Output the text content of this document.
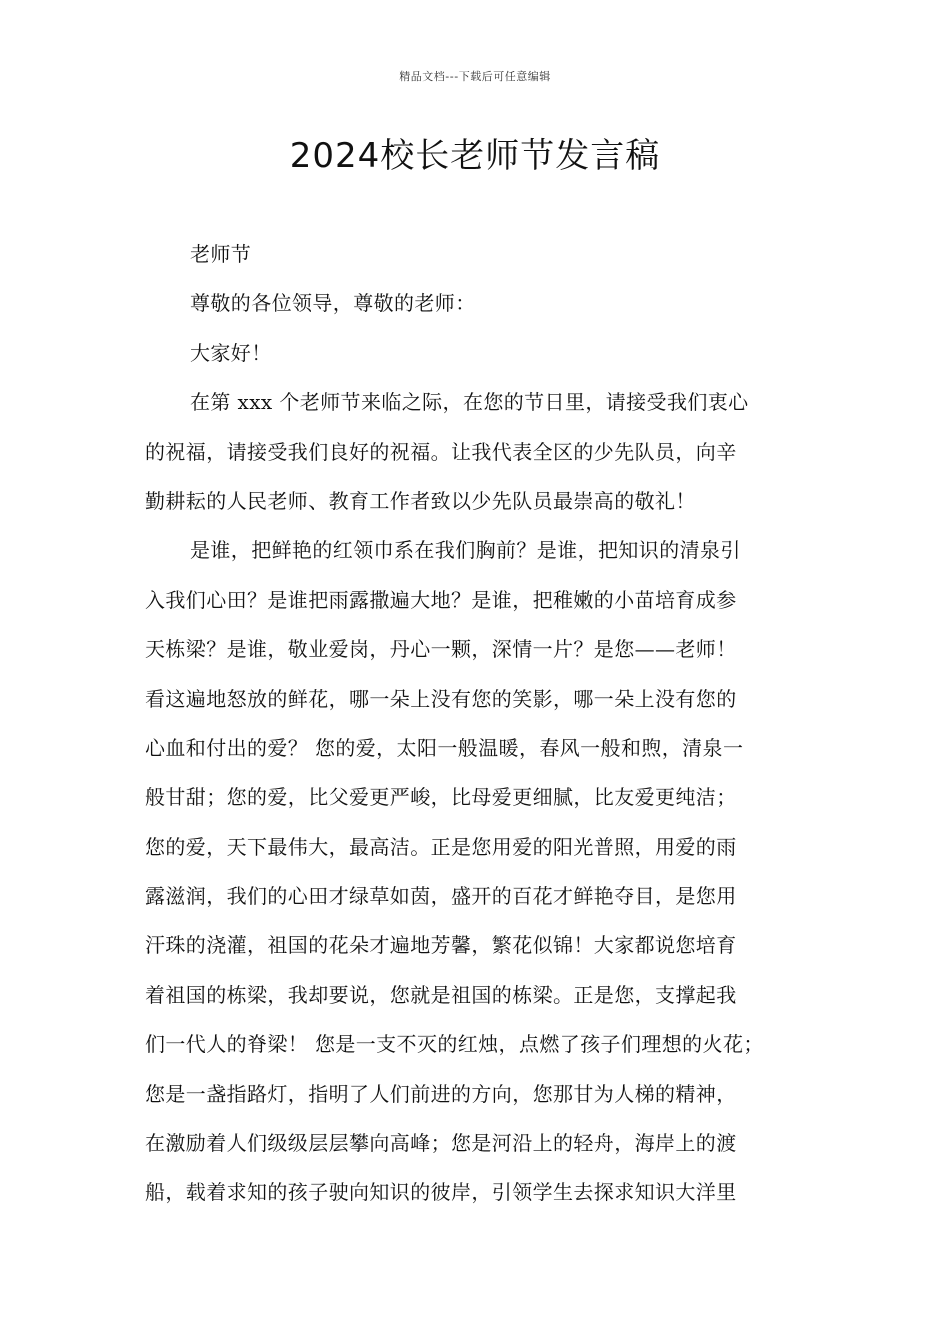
精品文档---下载后可任意编辑
2024校长老师节发言稿
老师节
尊敬的各位领导，尊敬的老师：
大家好！
在第 xxx 个老师节来临之际，在您的节日里，请接受我们衷心
的祝福，请接受我们良好的祝福。让我代表全区的少先队员，向辛
勤耕耘的人民老师、教育工作者致以少先队员最崇高的敬礼！
是谁，把鲜艳的红领巾系在我们胸前？是谁，把知识的清泉引
入我们心田？是谁把雨露撒遍大地？是谁，把稚嫩的小苗培育成参
天栋梁？是谁，敬业爱岗，丹心一颗，深情一片？是您——老师！
看这遍地怒放的鲜花，哪一朵上没有您的笑影，哪一朵上没有您的
心血和付出的爱？ 您的爱，太阳一般温暖，春风一般和煦，清泉一
般甘甜；您的爱，比父爱更严峻，比母爱更细腻，比友爱更纯洁；
您的爱，天下最伟大，最高洁。正是您用爱的阳光普照，用爱的雨
露滋润，我们的心田才绿草如茵，盛开的百花才鲜艳夺目，是您用
汗珠的浇灌，祖国的花朵才遍地芳馨，繁花似锦！大家都说您培育
着祖国的栋梁，我却要说，您就是祖国的栋梁。正是您，支撑起我
们一代人的脊梁！ 您是一支不灭的红烛，点燃了孩子们理想的火花；
您是一盏指路灯，指明了人们前进的方向，您那甘为人梯的精神，
在激励着人们级级层层攀向高峰；您是河沿上的轻舟，海岸上的渡
船，载着求知的孩子驶向知识的彼岸，引领学生去探求知识大洋里
